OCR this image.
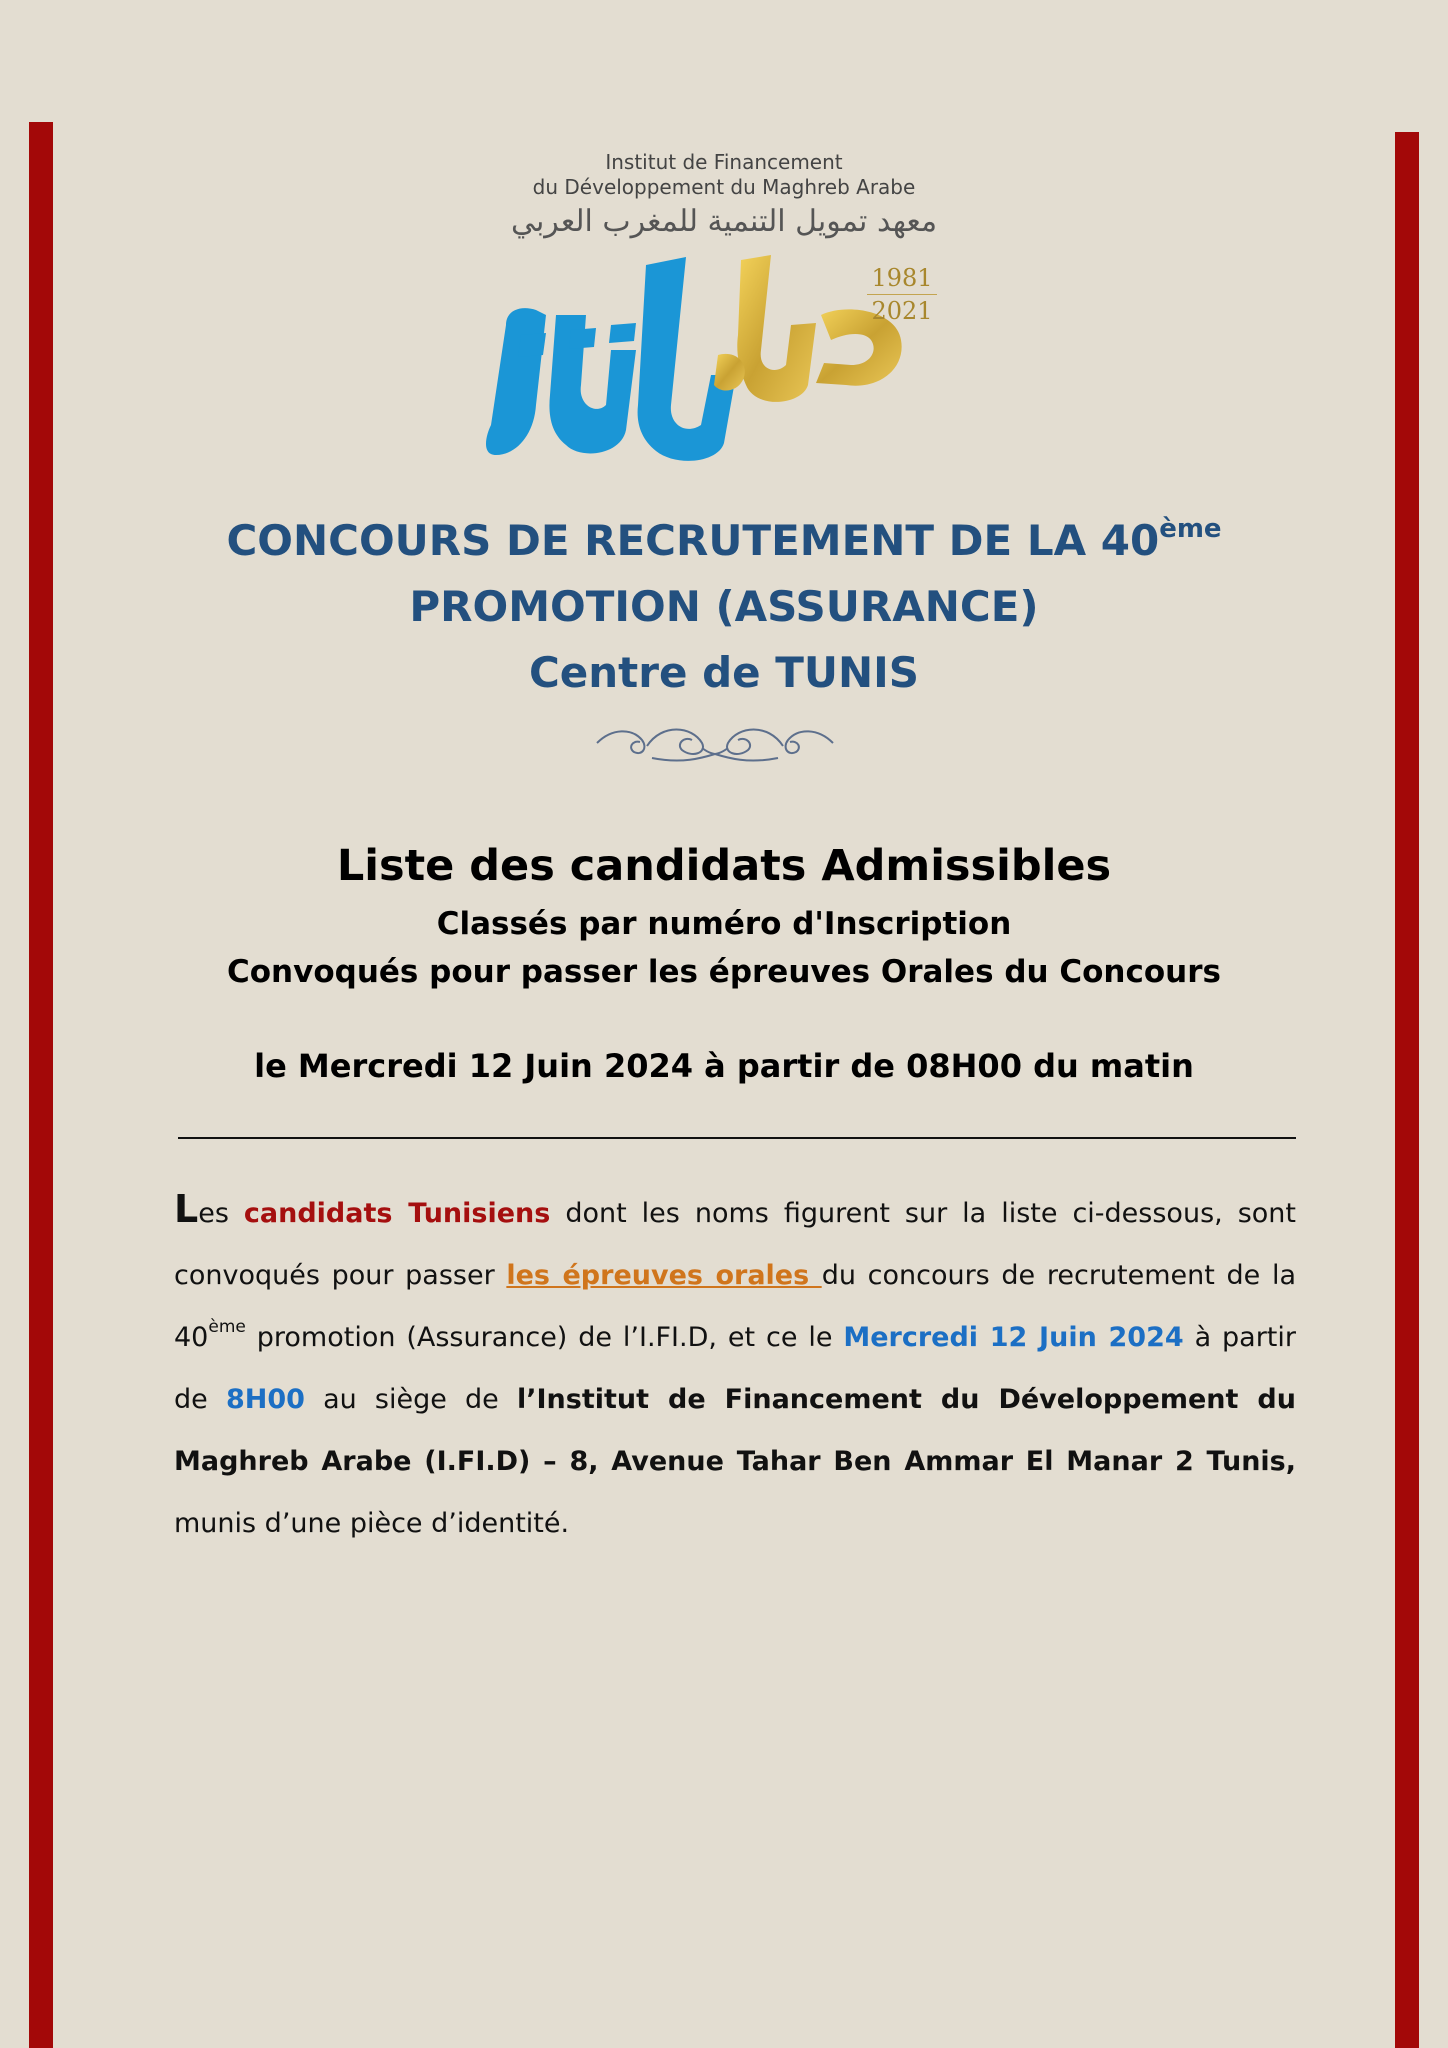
Institut de Financement
du Développement du Maghreb Arabe
معهد تمويل التنمية للمغرب العربي
1981
2021
CONCOURS DE RECRUTEMENT DE LA 40ème
PROMOTION (ASSURANCE)
Centre de TUNIS
Liste des candidats Admissibles
Classés par numéro d'Inscription
Convoqués pour passer les épreuves Orales du Concours
le Mercredi 12 Juin 2024 à partir de 08H00 du matin
Les candidats Tunisiens dont les noms figurent sur la liste ci-dessous, sont convoqués pour passer les épreuves orales du concours de recrutement de la 40ème promotion (Assurance) de l’I.FI.D, et ce le Mercredi 12 Juin 2024 à partir de 8H00 au siège de l’Institut de Financement du Développement du Maghreb Arabe (I.FI.D) – 8, Avenue Tahar Ben Ammar El Manar 2 Tunis, munis d’une pièce d’identité.
